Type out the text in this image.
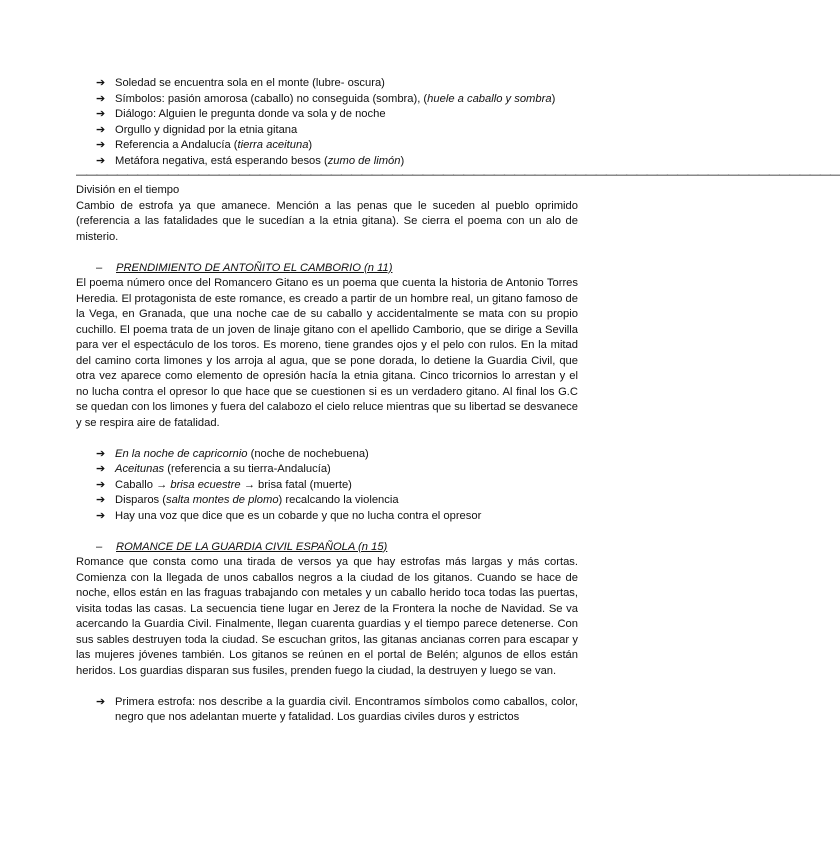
➔ Soledad se encuentra sola en el monte (lubre- oscura)
➔ Símbolos: pasión amorosa (caballo) no conseguida (sombra), (huele a caballo y sombra)
➔ Diálogo: Alguien le pregunta donde va sola y de noche
➔ Orgullo y dignidad por la etnia gitana
➔ Referencia a Andalucía (tierra aceituna)
➔ Metáfora negativa, está esperando besos (zumo de limón)
———————————————————————————————————————————————————————————————————————————

División en el tiempo

Cambio de estrofa ya que amanece. Mención a las penas que le suceden al pueblo oprimido (referencia a las fatalidades que le sucedían a la etnia gitana). Se cierra el poema con un alo de misterio.

– PRENDIMIENTO DE ANTOÑITO EL CAMBORIO (n 11)

El poema número once del Romancero Gitano es un poema que cuenta la historia de Antonio Torres Heredia. El protagonista de este romance, es creado a partir de un hombre real, un gitano famoso de la Vega, en Granada, que una noche cae de su caballo y accidentalmente se mata con su propio cuchillo. El poema trata de un joven de linaje gitano con el apellido Camborio, que se dirige a Sevilla para ver el espectáculo de los toros. Es moreno, tiene grandes ojos y el pelo con rulos. En la mitad del camino corta limones y los arroja al agua, que se pone dorada, lo detiene la Guardia Civil, que otra vez aparece como elemento de opresión hacía la etnia gitana. Cinco tricornios lo arrestan y el no lucha contra el opresor lo que hace que se cuestionen si es un verdadero gitano. Al final los G.C se quedan con los limones y fuera del calabozo el cielo reluce mientras que su libertad se desvanece y se respira aire de fatalidad.

➔ En la noche de capricornio (noche de nochebuena)
➔ Aceitunas (referencia a su tierra-Andalucía)
➔ Caballo → brisa ecuestre → brisa fatal (muerte)
➔ Disparos (salta montes de plomo) recalcando la violencia
➔ Hay una voz que dice que es un cobarde y que no lucha contra el opresor
– ROMANCE DE LA GUARDIA CIVIL ESPAÑOLA (n 15)

Romance que consta como una tirada de versos ya que hay estrofas más largas y más cortas. Comienza con la llegada de unos caballos negros a la ciudad de los gitanos. Cuando se hace de noche, ellos están en las fraguas trabajando con metales y un caballo herido toca todas las puertas, visita todas las casas. La secuencia tiene lugar en Jerez de la Frontera la noche de Navidad. Se va acercando la Guardia Civil. Finalmente, llegan cuarenta guardias y el tiempo parece detenerse. Con sus sables destruyen toda la ciudad. Se escuchan gritos, las gitanas ancianas corren para escapar y las mujeres jóvenes también. Los gitanos se reúnen en el portal de Belén; algunos de ellos están heridos. Los guardias disparan sus fusiles, prenden fuego la ciudad, la destruyen y luego se van.

➔ Primera estrofa: nos describe a la guardia civil. Encontramos símbolos como caballos, color, negro que nos adelantan muerte y fatalidad. Los guardias civiles duros y estrictos
